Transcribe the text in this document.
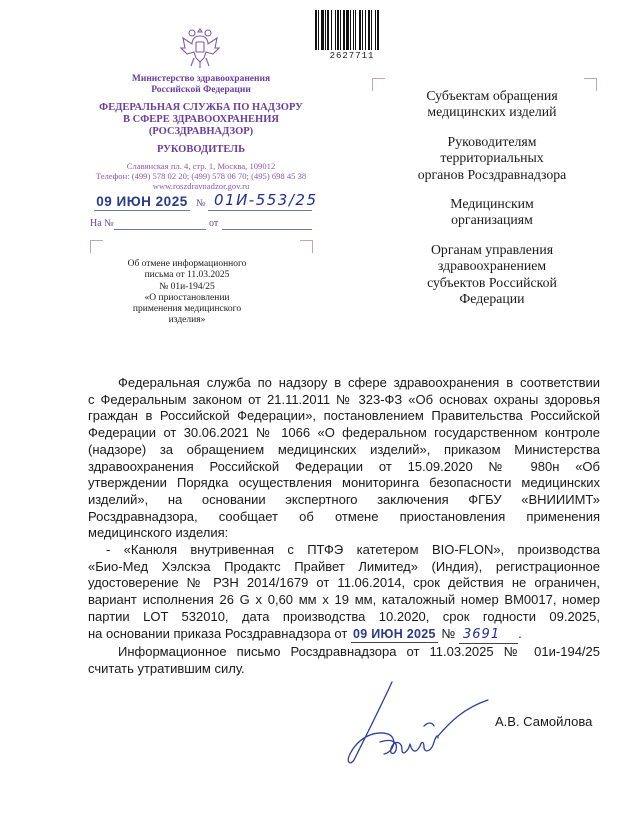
Министерство здравоохранения
Российской Федерации
ФЕДЕРАЛЬНАЯ СЛУЖБА ПО НАДЗОРУ
В СФЕРЕ ЗДРАВООХРАНЕНИЯ
(РОСЗДРАВНАДЗОР)
РУКОВОДИТЕЛЬ
Славянская пл. 4, стр. 1, Москва, 109012
Телефон: (499) 578 02 20; (499) 578 06 70; (495) 698 45 38
www.roszdravnadzor.gov.ru
09 ИЮН 2025 № 01И-553/25
На №	от
Об отмене информационного
письма от 11.03.2025
№ 01и-194/25
«О приостановлении
применения медицинского
изделия»
2627711
Субъектам обращения
медицинских изделий
Руководителям
территориальных
органов Росздравнадзора
Медицинским
организациям
Органам управления
здравоохранением
субъектов Российской
Федерации
Федеральная служба по надзору в сфере здравоохранения в соответствии
с Федеральным законом от 21.11.2011 № 323-ФЗ «Об основах охраны здоровья
граждан в Российской Федерации», постановлением Правительства Российской
Федерации от 30.06.2021 № 1066 «О федеральном государственном контроле
(надзоре) за обращением медицинских изделий», приказом Министерства
здравоохранения Российской Федерации от 15.09.2020 № 980н «Об
утверждении Порядка осуществления мониторинга безопасности медицинских
изделий», на основании экспертного заключения ФГБУ «ВНИИИМТ»
Росздравнадзора, сообщает об отмене приостановления применения
медицинского изделия:
- «Канюля внутривенная с ПТФЭ катетером BIO-FLON», производства
«Био-Мед Хэлскэа Продактс Прайвет Лимитед» (Индия), регистрационное
удостоверение № РЗН 2014/1679 от 11.06.2014, срок действия не ограничен,
вариант исполнения 26 G x 0,60 мм x 19 мм, каталожный номер BM0017, номер
партии LOT 532010, дата производства 10.2020, срок годности 09.2025,
на основании приказа Росздравнадзора от 09 ИЮН 2025 № 3691 .
Информационное письмо Росздравнадзора от 11.03.2025 № 01и-194/25
считать утратившим силу.
А.В. Самойлова
